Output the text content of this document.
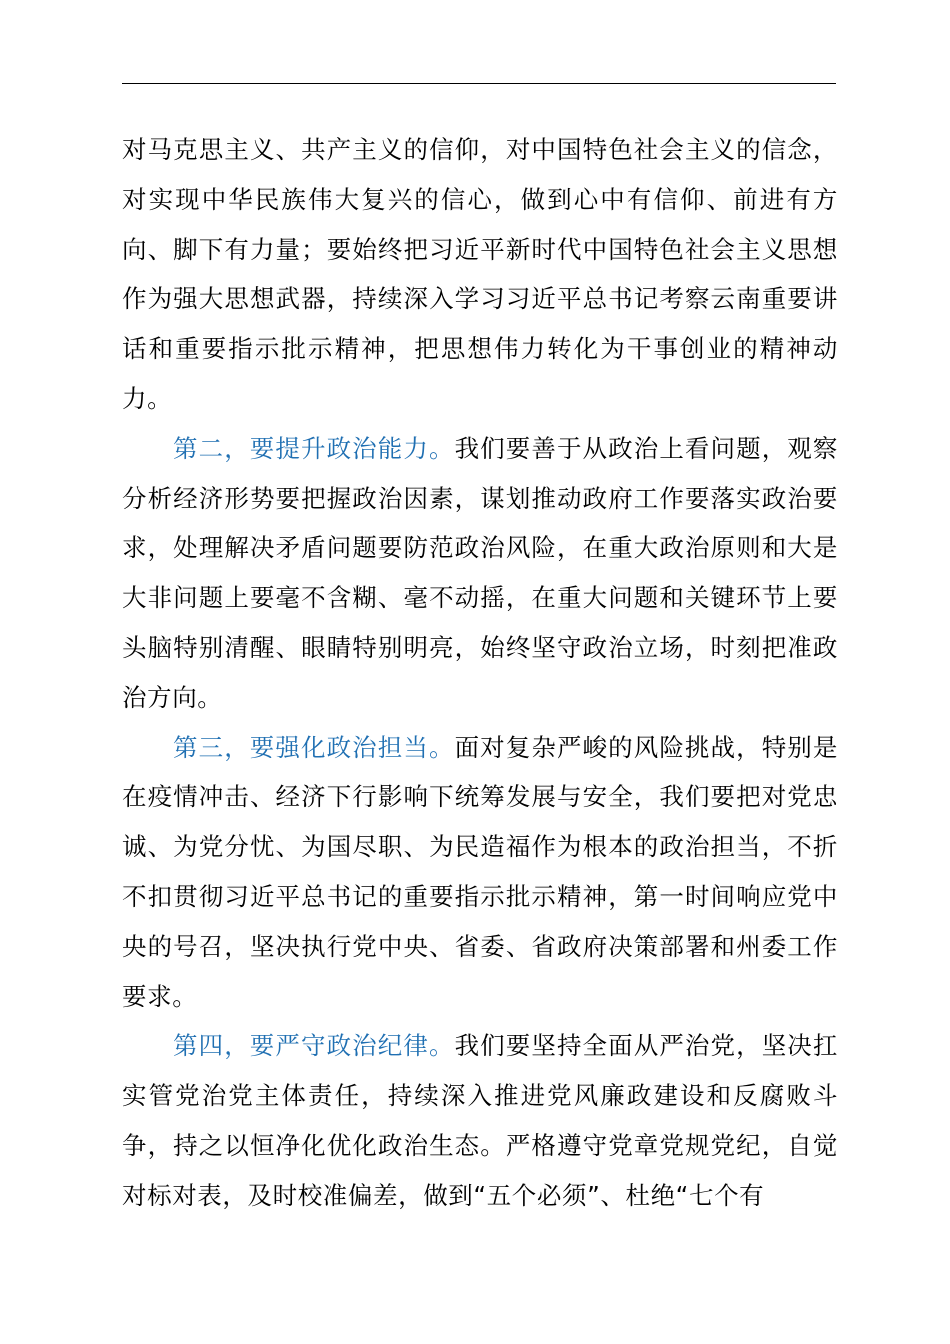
对马克思主义、共产主义的信仰，对中国特色社会主义的信念，对实现中华民族伟大复兴的信心，做到心中有信仰、前进有方向、脚下有力量；要始终把习近平新时代中国特色社会主义思想作为强大思想武器，持续深入学习习近平总书记考察云南重要讲话和重要指示批示精神，把思想伟力转化为干事创业的精神动力。

第二，要提升政治能力。我们要善于从政治上看问题，观察分析经济形势要把握政治因素，谋划推动政府工作要落实政治要求，处理解决矛盾问题要防范政治风险，在重大政治原则和大是大非问题上要毫不含糊、毫不动摇，在重大问题和关键环节上要头脑特别清醒、眼睛特别明亮，始终坚守政治立场，时刻把准政治方向。

第三，要强化政治担当。面对复杂严峻的风险挑战，特别是在疫情冲击、经济下行影响下统筹发展与安全，我们要把对党忠诚、为党分忧、为国尽职、为民造福作为根本的政治担当，不折不扣贯彻习近平总书记的重要指示批示精神，第一时间响应党中央的号召，坚决执行党中央、省委、省政府决策部署和州委工作要求。

第四，要严守政治纪律。我们要坚持全面从严治党，坚决扛实管党治党主体责任，持续深入推进党风廉政建设和反腐败斗争，持之以恒净化优化政治生态。严格遵守党章党规党纪，自觉对标对表，及时校准偏差，做到“五个必须”、杜绝“七个有
